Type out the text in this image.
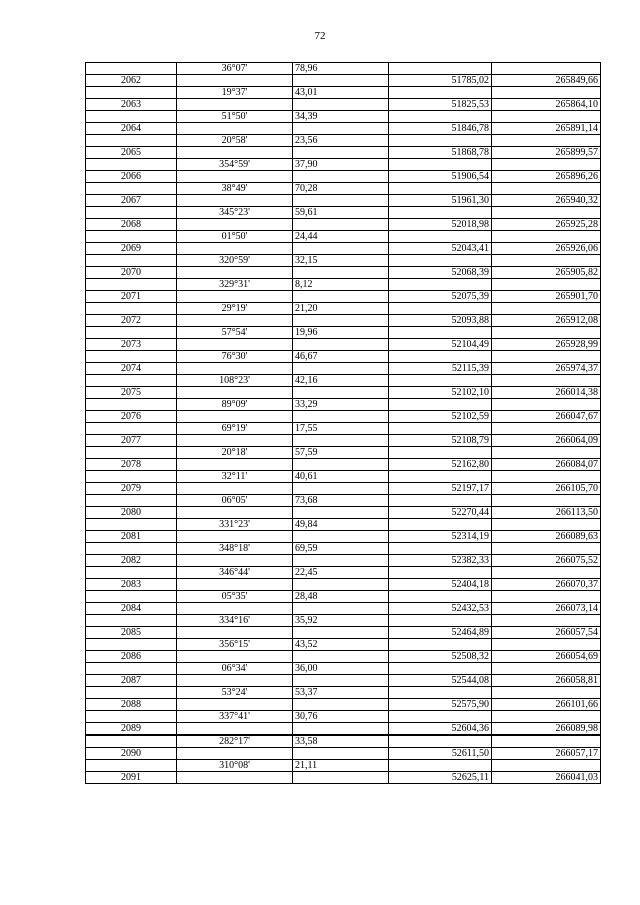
72
	36°07'	78,96		
2062			51785,02	265849,66
	19°37'	43,01		
2063			51825,53	265864,10
	51°50'	34,39		
2064			51846,78	265891,14
	20°58'	23,56		
2065			51868,78	265899,57
	354°59'	37,90		
2066			51906,54	265896,26
	38°49'	70,28		
2067			51961,30	265940,32
	345°23'	59,61		
2068			52018,98	265925,28
	01°50'	24,44		
2069			52043,41	265926,06
	320°59'	32,15		
2070			52068,39	265905,82
	329°31'	8,12		
2071			52075,39	265901,70
	29°19'	21,20		
2072			52093,88	265912,08
	57°54'	19,96		
2073			52104,49	265928,99
	76°30'	46,67		
2074			52115,39	265974,37
	108°23'	42,16		
2075			52102,10	266014,38
	89°09'	33,29		
2076			52102,59	266047,67
	69°19'	17,55		
2077			52108,79	266064,09
	20°18'	57,59		
2078			52162,80	266084,07
	32°11'	40,61		
2079			52197,17	266105,70
	06°05'	73,68		
2080			52270,44	266113,50
	331°23'	49,84		
2081			52314,19	266089,63
	348°18'	69,59		
2082			52382,33	266075,52
	346°44'	22,45		
2083			52404,18	266070,37
	05°35'	28,48		
2084			52432,53	266073,14
	334°16'	35,92		
2085			52464,89	266057,54
	356°15'	43,52		
2086			52508,32	266054,69
	06°34'	36,00		
2087			52544,08	266058,81
	53°24'	53,37		
2088			52575,90	266101,66
	337°41'	30,76		
2089			52604,36	266089,98
	282°17'	33,58		
2090			52611,50	266057,17
	310°08'	21,11		
2091			52625,11	266041,03
